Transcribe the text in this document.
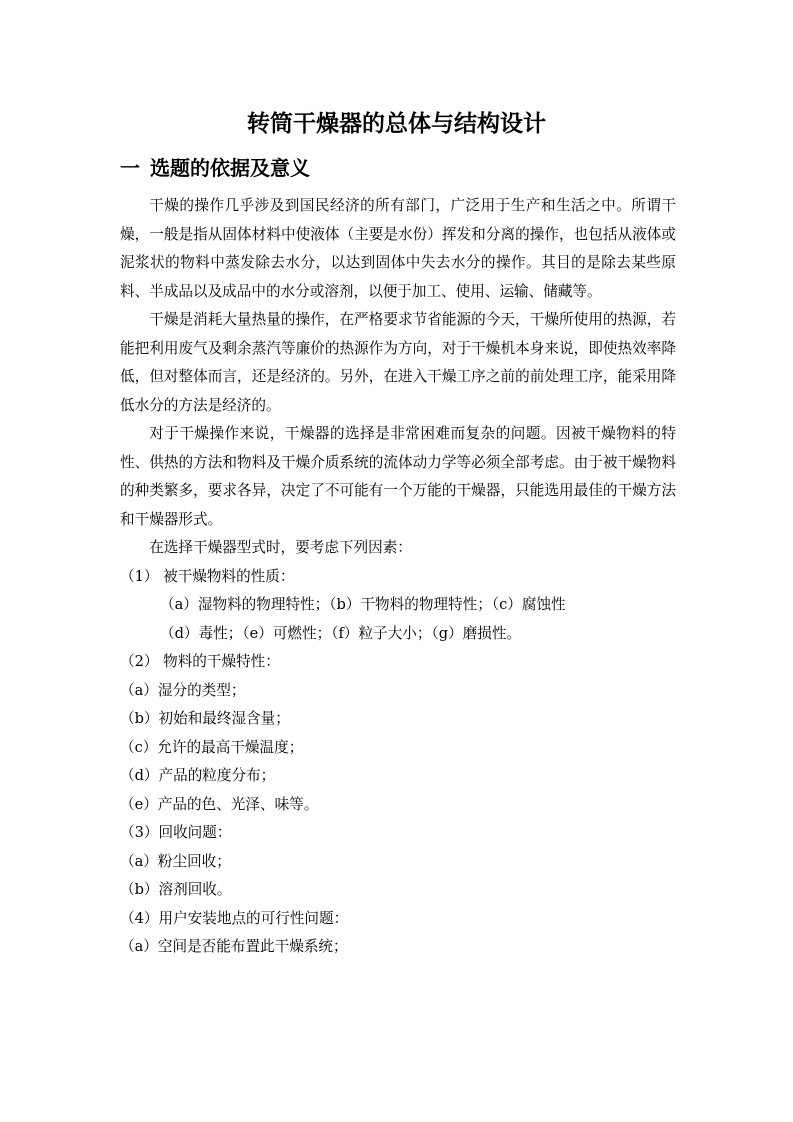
转筒干燥器的总体与结构设计
一 选题的依据及意义

干燥的操作几乎涉及到国民经济的所有部门，广泛用于生产和生活之中。所谓干燥，一般是指从固体材料中使液体（主要是水份）挥发和分离的操作，也包括从液体或泥浆状的物料中蒸发除去水分，以达到固体中失去水分的操作。其目的是除去某些原料、半成品以及成品中的水分或溶剂，以便于加工、使用、运输、储藏等。

干燥是消耗大量热量的操作，在严格要求节省能源的今天，干燥所使用的热源，若能把利用废气及剩余蒸汽等廉价的热源作为方向，对于干燥机本身来说，即使热效率降低，但对整体而言，还是经济的。另外，在进入干燥工序之前的前处理工序，能采用降低水分的方法是经济的。

对于干燥操作来说，干燥器的选择是非常困难而复杂的问题。因被干燥物料的特性、供热的方法和物料及干燥介质系统的流体动力学等必须全部考虑。由于被干燥物料的种类繁多，要求各异，决定了不可能有一个万能的干燥器，只能选用最佳的干燥方法和干燥器形式。

在选择干燥器型式时，要考虑下列因素：
（1） 被干燥物料的性质：
（a）湿物料的物理特性；（b）干物料的物理特性；（c）腐蚀性
（d）毒性；（e）可燃性；（f）粒子大小；（g）磨损性。
（2） 物料的干燥特性：
（a）湿分的类型；
（b）初始和最终湿含量；
（c）允许的最高干燥温度；
（d）产品的粒度分布；
（e）产品的色、光泽、味等。
（3）回收问题：
（a）粉尘回收；
（b）溶剂回收。
（4）用户安装地点的可行性问题：
（a）空间是否能布置此干燥系统；
